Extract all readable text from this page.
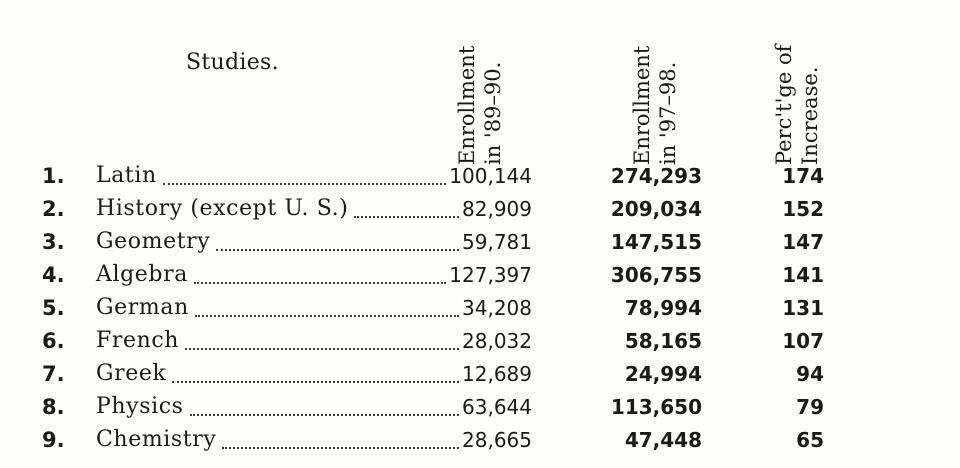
Studies.	Enrollment in '89–90.	Enrollment in '97–98.	Perc't'ge of Increase.
1.	Latin	100,144	274,293	174
2.	History (except U. S.)	82,909	209,034	152
3.	Geometry	59,781	147,515	147
4.	Algebra	127,397	306,755	141
5.	German	34,208	78,994	131
6.	French	28,032	58,165	107
7.	Greek	12,689	24,994	94
8.	Physics	63,644	113,650	79
9.	Chemistry	28,665	47,448	65
